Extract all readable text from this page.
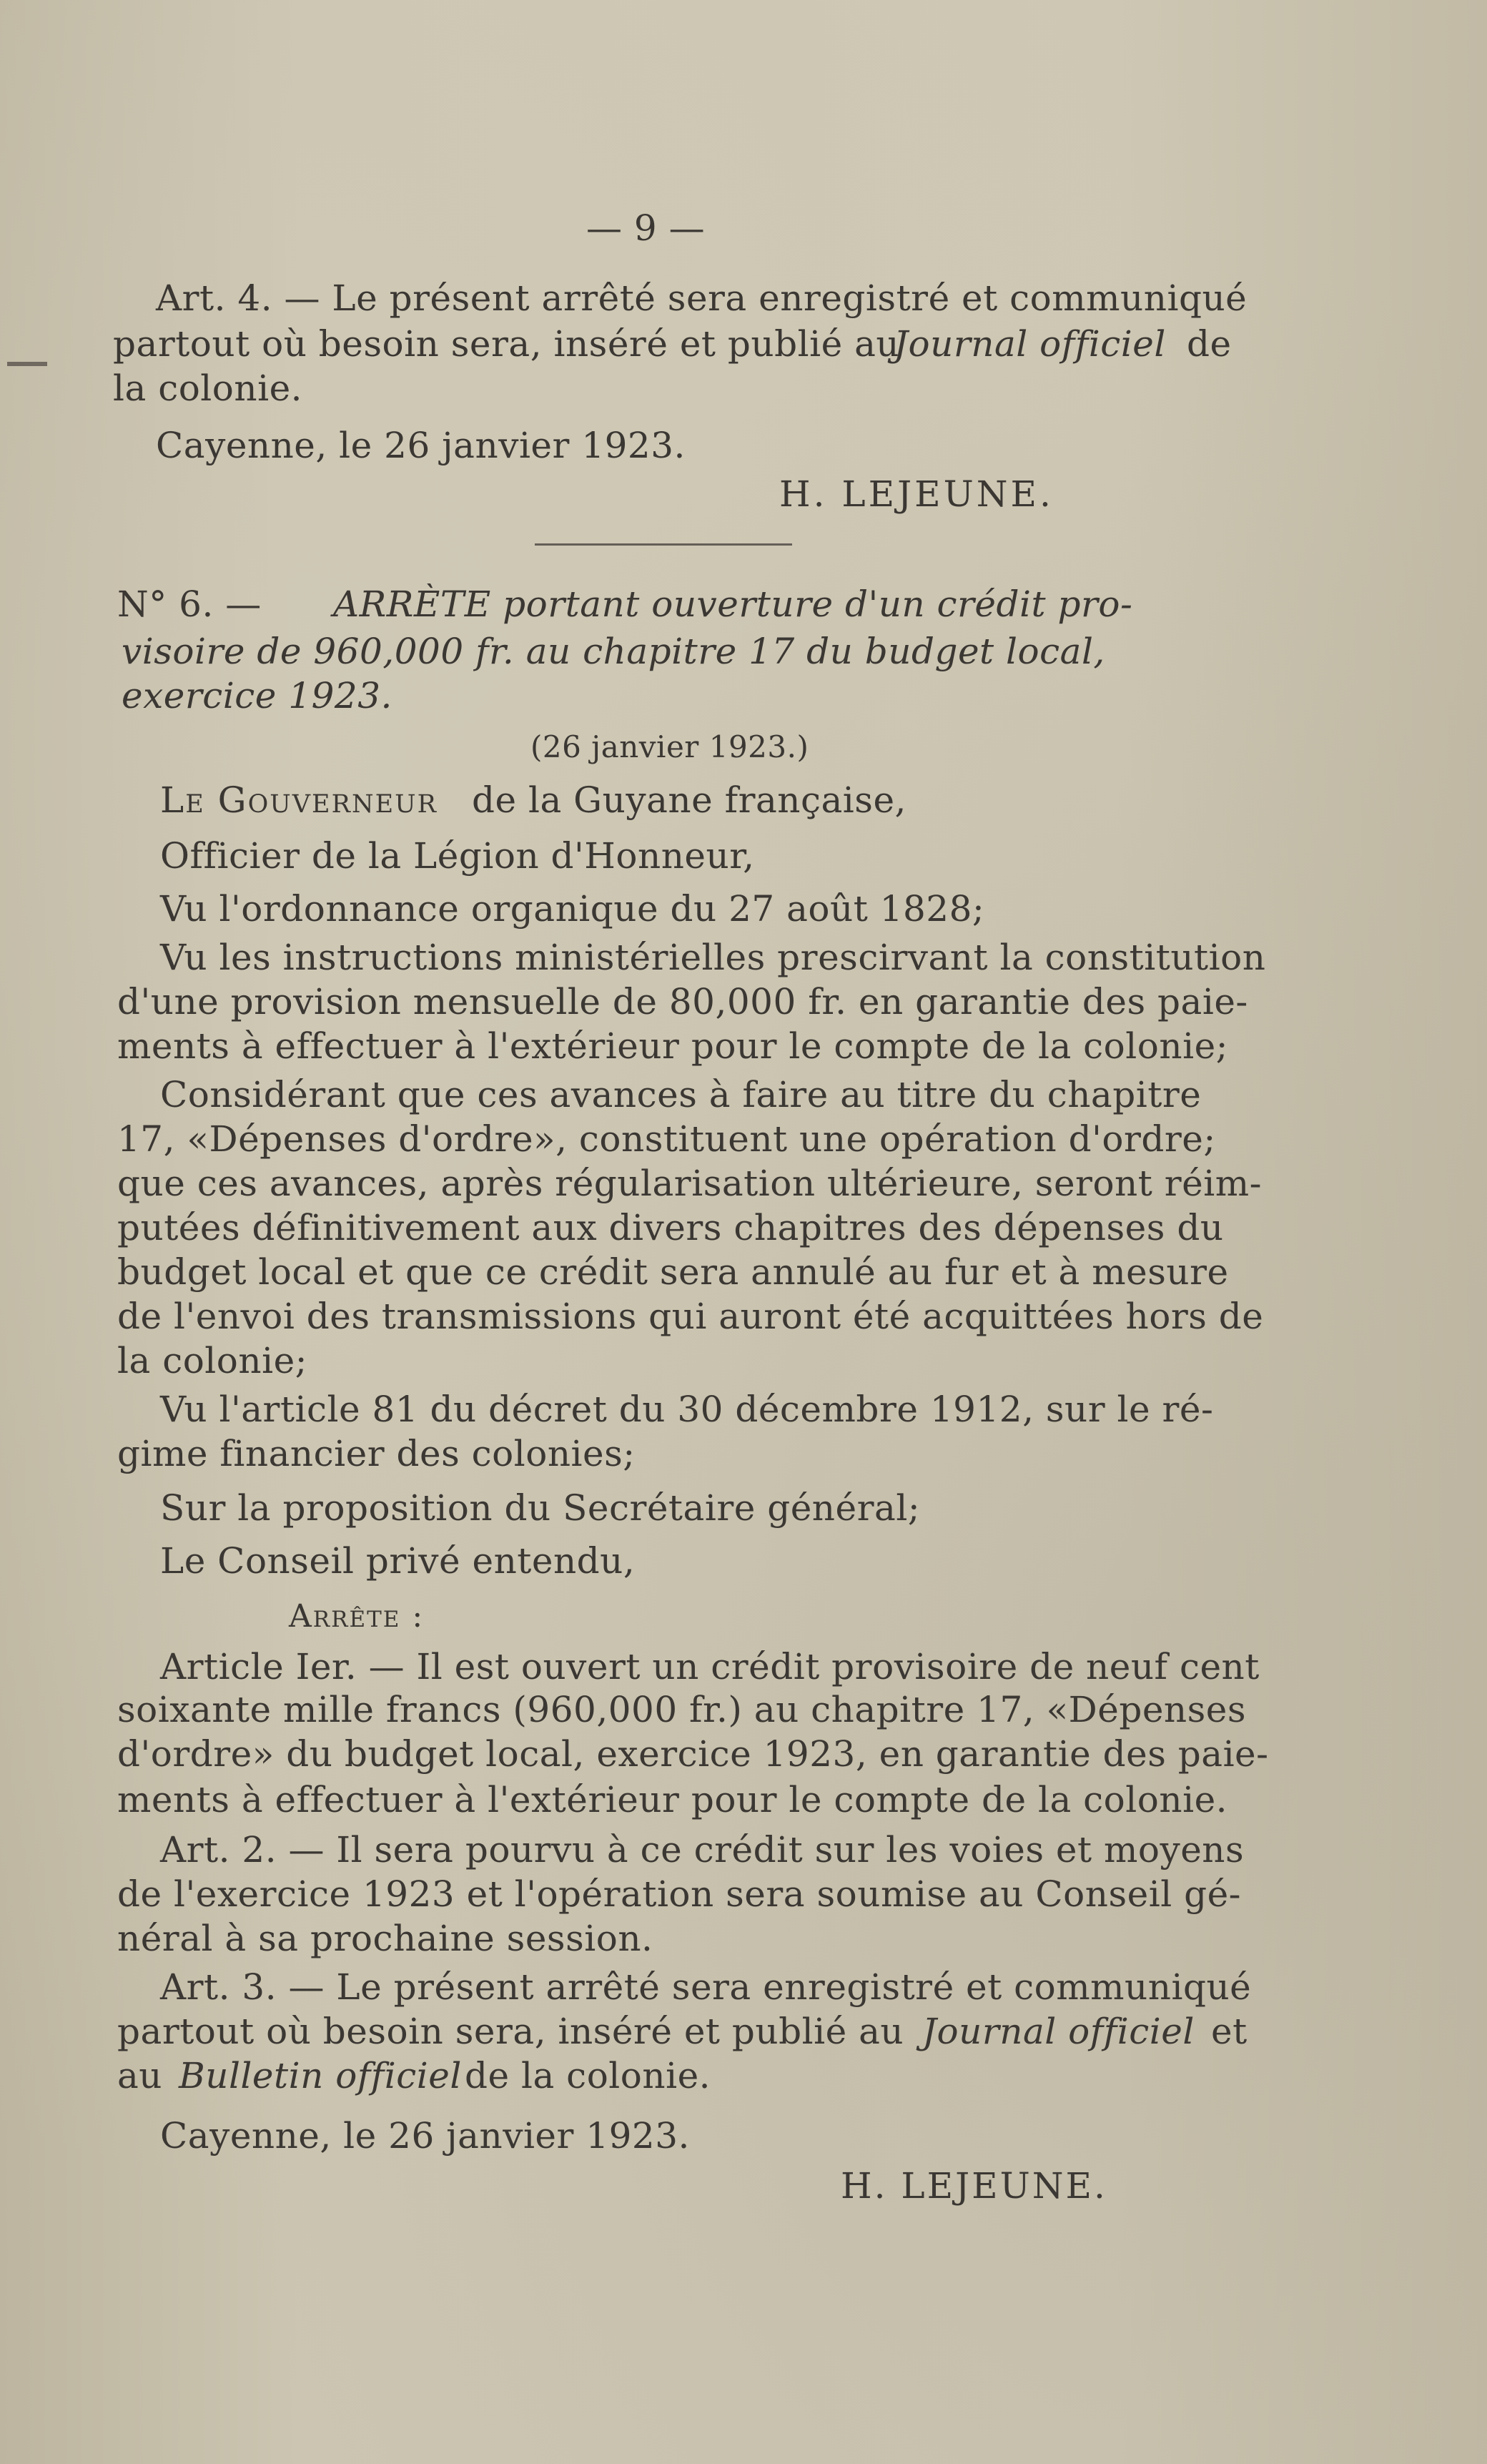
— 9 —
Art. 4. — Le présent arrêté sera enregistré et communiqué
partout où besoin sera, inséré et publié au
Journal officiel de
la colonie.
Cayenne, le 26 janvier 1923.
H. LEJEUNE.
N° 6. — ARRÈTE portant ouverture d'un crédit pro-
visoire de 960,000 fr. au chapitre 17 du budget local,
exercice 1923.
(26 janvier 1923.)
Le Gouverneur de la Guyane française,
Officier de la Légion d'Honneur,
Vu l'ordonnance organique du 27 août 1828;
Vu les instructions ministérielles prescirvant la constitution
d'une provision mensuelle de 80,000 fr. en garantie des paie-
ments à effectuer à l'extérieur pour le compte de la colonie;
Considérant que ces avances à faire au titre du chapitre
17, «Dépenses d'ordre», constituent une opération d'ordre;
que ces avances, après régularisation ultérieure, seront réim-
putées définitivement aux divers chapitres des dépenses du
budget local et que ce crédit sera annulé au fur et à mesure
de l'envoi des transmissions qui auront été acquittées hors de
la colonie;
Vu l'article 81 du décret du 30 décembre 1912, sur le ré-
gime financier des colonies;
Sur la proposition du Secrétaire général;
Le Conseil privé entendu,
Arrête :
Article Ier. — Il est ouvert un crédit provisoire de neuf cent
soixante mille francs (960,000 fr.) au chapitre 17, «Dépenses
d'ordre» du budget local, exercice 1923, en garantie des paie-
ments à effectuer à l'extérieur pour le compte de la colonie.
Art. 2. — Il sera pourvu à ce crédit sur les voies et moyens
de l'exercice 1923 et l'opération sera soumise au Conseil gé-
néral à sa prochaine session.
Art. 3. — Le présent arrêté sera enregistré et communiqué
partout où besoin sera, inséré et publié au Journal officiel et
au Bulletin officiel de la colonie.
Cayenne, le 26 janvier 1923.
H. LEJEUNE.
